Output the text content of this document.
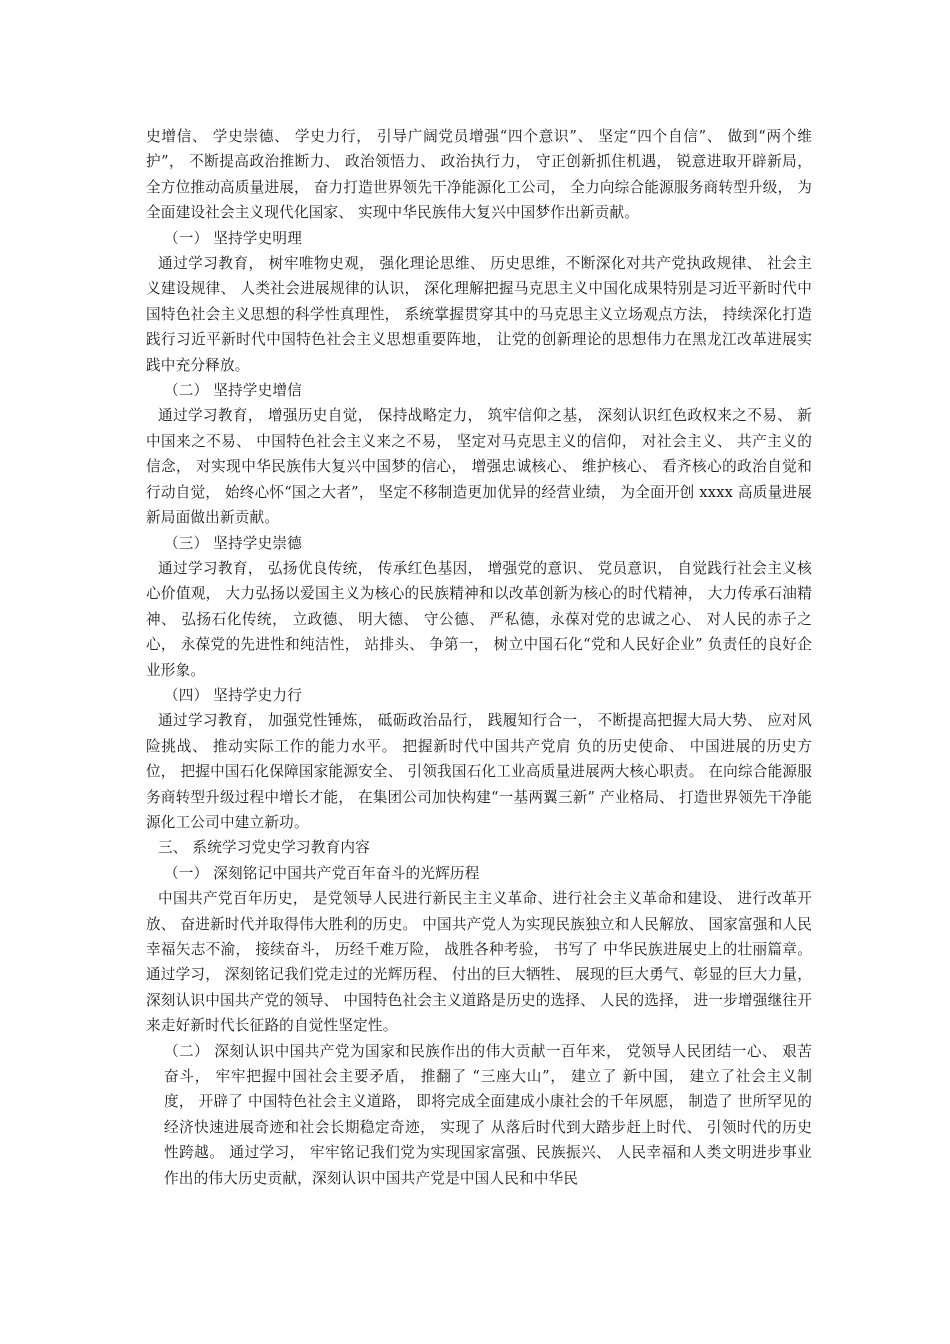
史增信、 学史崇德、 学史力行， 引导广阔党员增强“四个意识”、 坚定“四个自信”、 做到“两个维护”， 不断提高政治推断力、 政治领悟力、 政治执行力， 守正创新抓住机遇， 锐意进取开辟新局， 全方位推动高质量进展， 奋力打造世界领先干净能源化工公司， 全力向综合能源服务商转型升级， 为全面建设社会主义现代化国家、 实现中华民族伟大复兴中国梦作出新贡献。

（一） 坚持学史明理

通过学习教育， 树牢唯物史观， 强化理论思维、 历史思维，不断深化对共产党执政规律、 社会主义建设规律、 人类社会进展规律的认识， 深化理解把握马克思主义中国化成果特别是习近平新时代中国特色社会主义思想的科学性真理性， 系统掌握贯穿其中的马克思主义立场观点方法， 持续深化打造践行习近平新时代中国特色社会主义思想重要阵地， 让党的创新理论的思想伟力在黑龙江改革进展实践中充分释放。

（二） 坚持学史增信

通过学习教育， 增强历史自觉， 保持战略定力， 筑牢信仰之基， 深刻认识红色政权来之不易、 新中国来之不易、 中国特色社会主义来之不易， 坚定对马克思主义的信仰， 对社会主义、 共产主义的信念， 对实现中华民族伟大复兴中国梦的信心， 增强忠诚核心、 维护核心、 看齐核心的政治自觉和行动自觉， 始终心怀“国之大者”， 坚定不移制造更加优异的经营业绩， 为全面开创 xxxx 高质量进展新局面做出新贡献。

（三） 坚持学史崇德

通过学习教育， 弘扬优良传统， 传承红色基因， 增强党的意识、 党员意识， 自觉践行社会主义核心价值观， 大力弘扬以爱国主义为核心的民族精神和以改革创新为核心的时代精神， 大力传承石油精神、 弘扬石化传统， 立政德、 明大德、 守公德、 严私德，永葆对党的忠诚之心、 对人民的赤子之心， 永葆党的先进性和纯洁性， 站排头、 争第一， 树立中国石化“党和人民好企业” 负责任的良好企业形象。

（四） 坚持学史力行

通过学习教育， 加强党性锤炼， 砥砺政治品行， 践履知行合一， 不断提高把握大局大势、 应对风险挑战、 推动实际工作的能力水平。 把握新时代中国共产党肩 负的历史使命、 中国进展的历史方位， 把握中国石化保障国家能源安全、 引领我国石化工业高质量进展两大核心职责。 在向综合能源服务商转型升级过程中增长才能， 在集团公司加快构建“一基两翼三新” 产业格局、 打造世界领先干净能源化工公司中建立新功。

三、 系统学习党史学习教育内容

（一） 深刻铭记中国共产党百年奋斗的光辉历程

中国共产党百年历史， 是党领导人民进行新民主主义革命、进行社会主义革命和建设、 进行改革开放、 奋进新时代并取得伟大胜利的历史。 中国共产党人为实现民族独立和人民解放、 国家富强和人民幸福矢志不渝， 接续奋斗， 历经千难万险， 战胜各种考验， 书写了 中华民族进展史上的壮丽篇章。 通过学习， 深刻铭记我们党走过的光辉历程、 付出的巨大牺牲、 展现的巨大勇气、彰显的巨大力量， 深刻认识中国共产党的领导、 中国特色社会主义道路是历史的选择、 人民的选择， 进一步增强继往开来走好新时代长征路的自觉性坚定性。

（二） 深刻认识中国共产党为国家和民族作出的伟大贡献一百年来， 党领导人民团结一心、 艰苦奋斗， 牢牢把握中国社会主要矛盾， 推翻了 “三座大山”， 建立了 新中国， 建立了社会主义制度， 开辟了 中国特色社会主义道路， 即将完成全面建成小康社会的千年夙愿， 制造了 世所罕见的经济快速进展奇迹和社会长期稳定奇迹， 实现了 从落后时代到大踏步赶上时代、 引领时代的历史性跨越。 通过学习， 牢牢铭记我们党为实现国家富强、民族振兴、 人民幸福和人类文明进步事业作出的伟大历史贡献，深刻认识中国共产党是中国人民和中华民
